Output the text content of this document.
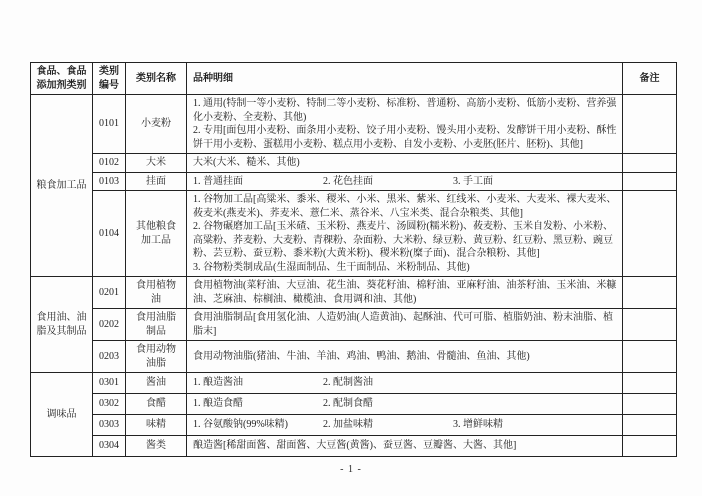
食品、食品添加剂类别	类别编号	类别名称	品种明细	备注
粮食加工品	0101	小麦粉	1. 通用(特制一等小麦粉、特制二等小麦粉、标准粉、普通粉、高筋小麦粉、低筋小麦粉、营养强化小麦粉、全麦粉、其他)
2. 专用[面包用小麦粉、面条用小麦粉、饺子用小麦粉、馒头用小麦粉、发酵饼干用小麦粉、酥性饼干用小麦粉、蛋糕用小麦粉、糕点用小麦粉、自发小麦粉、小麦胚(胚片、胚粉)、其他]	

	0102	大米	大米(大米、糙米、其他)	

	0103	挂面	1. 普通挂面 2. 花色挂面 3. 手工面	

	0104	其他粮食加工品	1. 谷物加工品[高粱米、黍米、稷米、小米、黑米、紫米、红线米、小麦米、大麦米、裸大麦米、莜麦米(燕麦米)、荞麦米、薏仁米、蒸谷米、八宝米类、混合杂粮类、其他]
2. 谷物碾磨加工品[玉米碴、玉米粉、燕麦片、汤圆粉(糯米粉)、莜麦粉、玉米自发粉、小米粉、高粱粉、荞麦粉、大麦粉、青稞粉、杂面粉、大米粉、绿豆粉、黄豆粉、红豆粉、黑豆粉、豌豆粉、芸豆粉、蚕豆粉、黍米粉(大黄米粉)、稷米粉(糜子面)、混合杂粮粉、其他]
3. 谷物粉类制成品(生湿面制品、生干面制品、米粉制品、其他)	

食用油、油脂及其制品	0201	食用植物油	食用植物油(菜籽油、大豆油、花生油、葵花籽油、棉籽油、亚麻籽油、油茶籽油、玉米油、米糠油、芝麻油、棕榈油、橄榄油、食用调和油、其他)	

	0202	食用油脂制品	食用油脂制品[食用氢化油、人造奶油(人造黄油)、起酥油、代可可脂、植脂奶油、粉末油脂、植脂末]	

	0203	食用动物油脂	食用动物油脂(猪油、牛油、羊油、鸡油、鸭油、鹅油、骨髓油、鱼油、其他)	

调味品	0301	酱油	1. 酿造酱油 2. 配制酱油	

	0302	食醋	1. 酿造食醋 2. 配制食醋	

	0303	味精	1. 谷氨酸钠(99%味精) 2. 加盐味精 3. 增鲜味精	

	0304	酱类	酿造酱[稀甜面酱、甜面酱、大豆酱(黄酱)、蚕豆酱、豆瓣酱、大酱、其他]	

- 1 -
